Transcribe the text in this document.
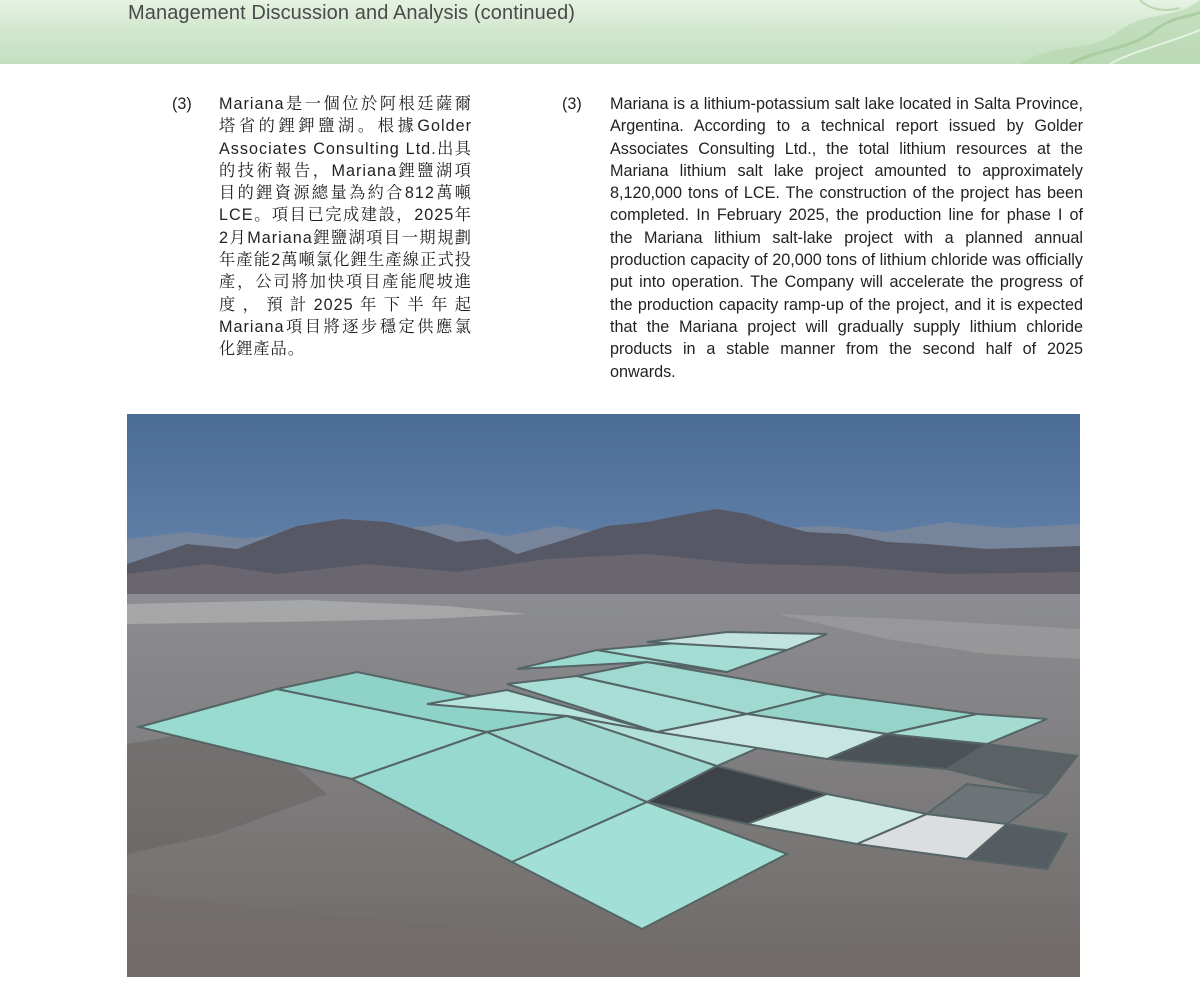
Management Discussion and Analysis (continued)
(3) Mariana是一個位於阿根廷薩爾塔省的鋰鉀鹽湖。根據Golder Associates Consulting Ltd.出具的技術報告，Mariana鋰鹽湖項目的鋰資源總量為約合812萬噸LCE。項目已完成建設，2025年2月Mariana鋰鹽湖項目一期規劃年產能2萬噸氯化鋰生產線正式投產，公司將加快項目產能爬坡進度，預計2025年下半年起Mariana項目將逐步穩定供應氯化鋰產品。
(3) Mariana is a lithium-potassium salt lake located in Salta Province, Argentina. According to a technical report issued by Golder Associates Consulting Ltd., the total lithium resources at the Mariana lithium salt lake project amounted to approximately 8,120,000 tons of LCE. The construction of the project has been completed. In February 2025, the production line for phase I of the Mariana lithium salt-lake project with a planned annual production capacity of 20,000 tons of lithium chloride was officially put into operation. The Company will accelerate the progress of the production capacity ramp-up of the project, and it is expected that the Mariana project will gradually supply lithium chloride products in a stable manner from the second half of 2025 onwards.
